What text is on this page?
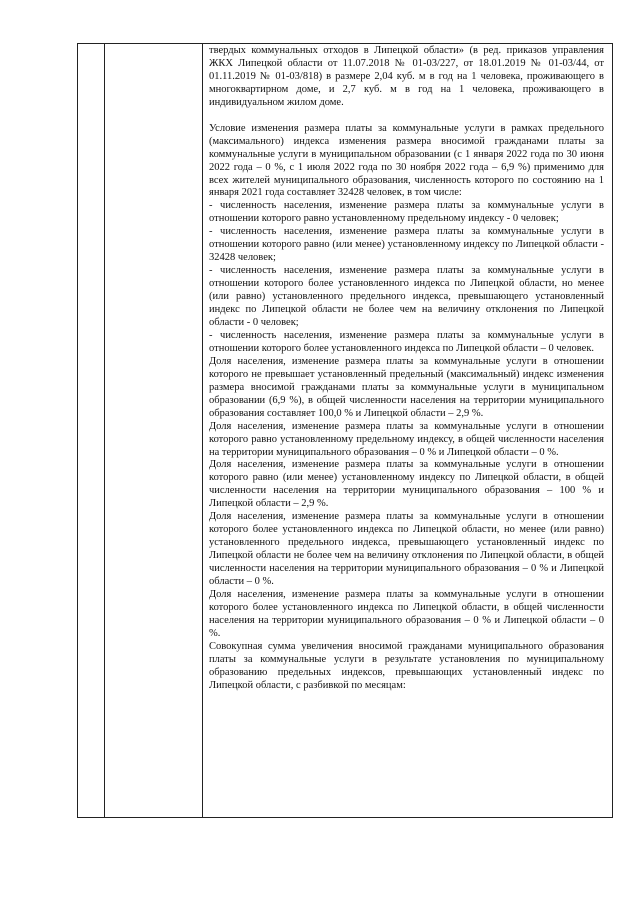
твердых коммунальных отходов в Липецкой области» (в ред. приказов управления ЖКХ Липецкой области от 11.07.2018 № 01-03/227, от 18.01.2019 № 01-03/44, от 01.11.2019 № 01-03/818) в размере 2,04 куб. м в год на 1 человека, проживающего в многоквартирном доме, и 2,7 куб. м в год на 1 человека, проживающего в индивидуальном жилом доме.

Условие изменения размера платы за коммунальные услуги в рамках предельного (максимального) индекса изменения размера вносимой гражданами платы за коммунальные услуги в муниципальном образовании (с 1 января 2022 года по 30 июня 2022 года – 0 %, с 1 июля 2022 года по 30 ноября 2022 года – 6,9 %) применимо для всех жителей муниципального образования, численность которого по состоянию на 1 января 2021 года составляет 32428 человек, в том числе:

- численность населения, изменение размера платы за коммунальные услуги в отношении которого равно установленному предельному индексу - 0 человек;

- численность населения, изменение размера платы за коммунальные услуги в отношении которого равно (или менее) установленному индексу по Липецкой области - 32428 человек;

- численность населения, изменение размера платы за коммунальные услуги в отношении которого более установленного индекса по Липецкой области, но менее (или равно) установленного предельного индекса, превышающего установленный индекс по Липецкой области не более чем на величину отклонения по Липецкой области - 0 человек;

- численность населения, изменение размера платы за коммунальные услуги в отношении которого более установленного индекса по Липецкой области – 0 человек.

Доля населения, изменение размера платы за коммунальные услуги в отношении которого не превышает установленный предельный (максимальный) индекс изменения размера вносимой гражданами платы за коммунальные услуги в муниципальном образовании (6,9 %), в общей численности населения на территории муниципального образования составляет 100,0 % и Липецкой области – 2,9 %.

Доля населения, изменение размера платы за коммунальные услуги в отношении которого равно установленному предельному индексу, в общей численности населения на территории муниципального образования – 0 % и Липецкой области – 0 %.

Доля населения, изменение размера платы за коммунальные услуги в отношении которого равно (или менее) установленному индексу по Липецкой области, в общей численности населения на территории муниципального образования – 100 % и Липецкой области – 2,9 %.

Доля населения, изменение размера платы за коммунальные услуги в отношении которого более установленного индекса по Липецкой области, но менее (или равно) установленного предельного индекса, превышающего установленный индекс по Липецкой области не более чем на величину отклонения по Липецкой области, в общей численности населения на территории муниципального образования – 0 % и Липецкой области – 0 %.

Доля населения, изменение размера платы за коммунальные услуги в отношении которого более установленного индекса по Липецкой области, в общей численности населения на территории муниципального образования – 0 % и Липецкой области – 0 %.

Совокупная сумма увеличения вносимой гражданами муниципального образования платы за коммунальные услуги в результате установления по муниципальному образованию предельных индексов, превышающих установленный индекс по Липецкой области, с разбивкой по месяцам:
